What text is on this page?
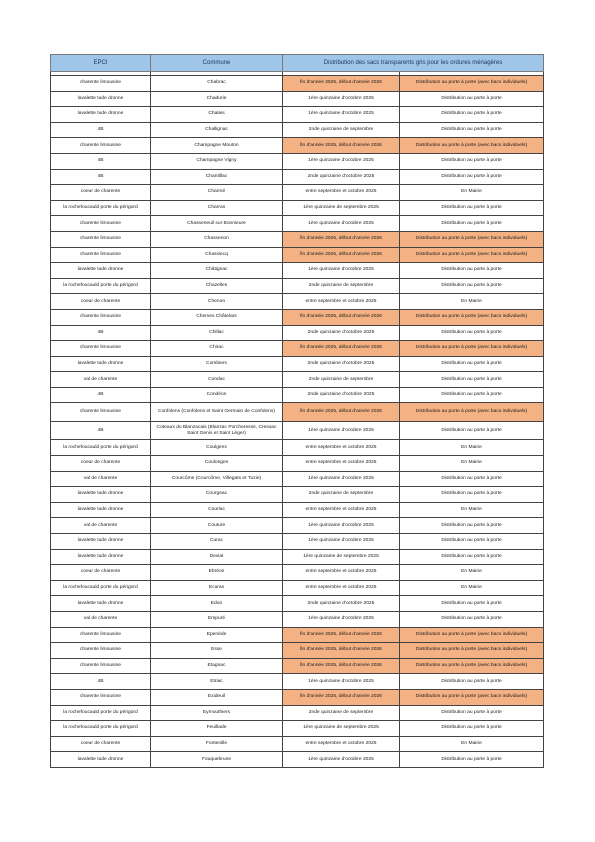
EPCI	Commune	Distribution des sacs transparents gris pour les ordures ménagères	

charente limousine	Chabrac	fin d'année 2025, début d'année 2026	Distribution au porte à porte (avec bacs individuels)
lavalette tude dronne	Chadurie	1ère quinzaine d'octobre 2025	Distribution au porte à porte
lavalette tude dronne	Chalais	1ère quinzaine d'octobre 2025	Distribution au porte à porte
4B	Challignac	2nde quinzaine de septembre	Distribution au porte à porte
charente limousine	Champagne Mouton	fin d'année 2025, début d'année 2026	Distribution au porte à porte (avec bacs individuels)
4B	Champagne Vigny	1ère quinzaine d'octobre 2025	Distribution au porte à porte
4B	Chantillac	2nde quinzaine d'octobre 2025	Distribution au porte à porte
coeur de charente	Charmé	entre septembre et octobre 2025	En Mairie
la rochefoucauld porte du périgord	Charras	1ère quinzaine de septembre 2025	Distribution au porte à porte
charente limousine	Chasseneuil sur Bonnieure	1ère quinzaine d'octobre 2025	Distribution au porte à porte
charente limousine	Chassenon	fin d'année 2025, début d'année 2026	Distribution au porte à porte (avec bacs individuels)
charente limousine	Chassiecq	fin d'année 2025, début d'année 2026	Distribution au porte à porte (avec bacs individuels)
lavalette tude dronne	Châtignac	1ère quinzaine d'octobre 2025	Distribution au porte à porte
la rochefoucauld porte du périgord	Chazelles	2nde quinzaine de septembre	Distribution au porte à porte
coeur de charente	Chenon	entre septembre et octobre 2025	En Mairie
charente limousine	Cherves Châtelars	fin d'année 2025, début d'année 2026	Distribution au porte à porte (avec bacs individuels)
4B	Chillac	2nde quinzaine d'octobre 2025	Distribution au porte à porte
charente limousine	Chirac	fin d'année 2025, début d'année 2026	Distribution au porte à porte (avec bacs individuels)
lavalette tude dronne	Combiers	2nde quinzaine d'octobre 2025	Distribution au porte à porte
val de charente	Condac	2nde quinzaine de septembre	Distribution au porte à porte
4B	Condéon	2nde quinzaine d'octobre 2025	Distribution au porte à porte
charente limousine	Confolens (Confolens et Saint Germain de Confolens)	fin d'année 2025, début d'année 2026	Distribution au porte à porte (avec bacs individuels)
4B	Coteaux du Blanzacais (Blanzac Porcheresse, Cressac Saint Genis et Saint Léger)	1ère quinzaine d'octobre 2025	Distribution au porte à porte
la rochefoucauld porte du périgord	Coulgens	entre septembre et octobre 2025	En Mairie
coeur de charente	Coulonges	entre septembre et octobre 2025	En Mairie
val de charente	Courcôme (Courcôme, Villegats et Tuzie)	1ère quinzaine d'octobre 2025	Distribution au porte à porte
lavalette tude dronne	Courgeac	2nde quinzaine de septembre	Distribution au porte à porte
lavalette tude dronne	Courlac	entre septembre et octobre 2025	En Mairie
val de charente	Couture	1ère quinzaine d'octobre 2025	Distribution au porte à porte
lavalette tude dronne	Curac	1ère quinzaine d'octobre 2025	Distribution au porte à porte
lavalette tude dronne	Deviat	1ère quinzaine de septembre 2025	Distribution au porte à porte
coeur de charente	Ebréon	entre septembre et octobre 2025	En Mairie
la rochefoucauld porte du périgord	Ecuras	entre septembre et octobre 2025	En Mairie
lavalette tude dronne	Edon	2nde quinzaine d'octobre 2025	Distribution au porte à porte
val de charente	Empuré	1ère quinzaine d'octobre 2025	Distribution au porte à porte
charente limousine	Epenède	fin d'année 2025, début d'année 2026	Distribution au porte à porte (avec bacs individuels)
charente limousine	Esse	fin d'année 2025, début d'année 2026	Distribution au porte à porte (avec bacs individuels)
charente limousine	Etagnac	fin d'année 2025, début d'année 2026	Distribution au porte à porte (avec bacs individuels)
4B	Etriac	1ère quinzaine d'octobre 2025	Distribution au porte à porte
charente limousine	Exideuil	fin d'année 2025, début d'année 2026	Distribution au porte à porte (avec bacs individuels)
la rochefoucauld porte du périgord	Eymouthiers	2nde quinzaine de septembre	Distribution au porte à porte
la rochefoucauld porte du périgord	Feuillade	1ère quinzaine de septembre 2025	Distribution au porte à porte
coeur de charente	Fontenille	entre septembre et octobre 2025	En Mairie
lavalette tude dronne	Fouquebrune	1ère quinzaine d'octobre 2025	Distribution au porte à porte
